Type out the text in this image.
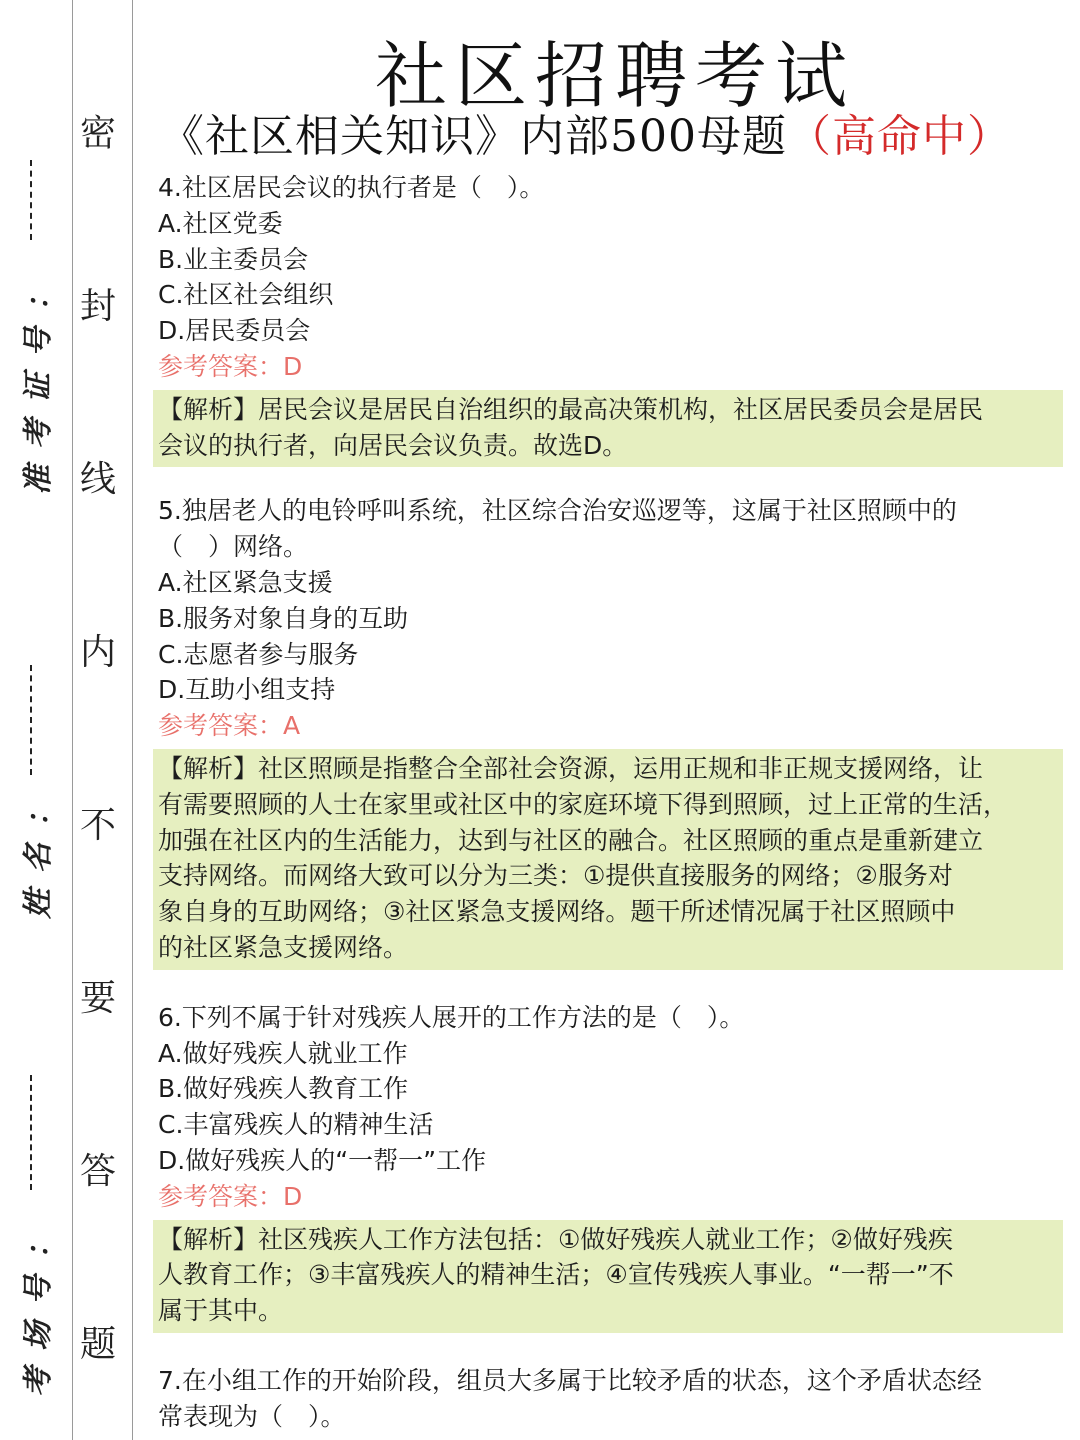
密
封
线
内
不
要
答
题
准考证号：
姓名：
考场号：
社区招聘考试
《社区相关知识》内部500母题（高命中）
4.社区居民会议的执行者是（　）。
A.社区党委
B.业主委员会
C.社区社会组织
D.居民委员会
参考答案：D
【解析】居民会议是居民自治组织的最高决策机构，社区居民委员会是居民
会议的执行者，向居民会议负责。故选D。
5.独居老人的电铃呼叫系统，社区综合治安巡逻等，这属于社区照顾中的
（　）网络。
A.社区紧急支援
B.服务对象自身的互助
C.志愿者参与服务
D.互助小组支持
参考答案：A
【解析】社区照顾是指整合全部社会资源，运用正规和非正规支援网络，让
有需要照顾的人士在家里或社区中的家庭环境下得到照顾，过上正常的生活，
加强在社区内的生活能力，达到与社区的融合。社区照顾的重点是重新建立
支持网络。而网络大致可以分为三类：①提供直接服务的网络；②服务对
象自身的互助网络；③社区紧急支援网络。题干所述情况属于社区照顾中
的社区紧急支援网络。
6.下列不属于针对残疾人展开的工作方法的是（　）。
A.做好残疾人就业工作
B.做好残疾人教育工作
C.丰富残疾人的精神生活
D.做好残疾人的“一帮一”工作
参考答案：D
【解析】社区残疾人工作方法包括：①做好残疾人就业工作；②做好残疾
人教育工作；③丰富残疾人的精神生活；④宣传残疾人事业。“一帮一”不
属于其中。
7.在小组工作的开始阶段，组员大多属于比较矛盾的状态，这个矛盾状态经
常表现为（　）。
